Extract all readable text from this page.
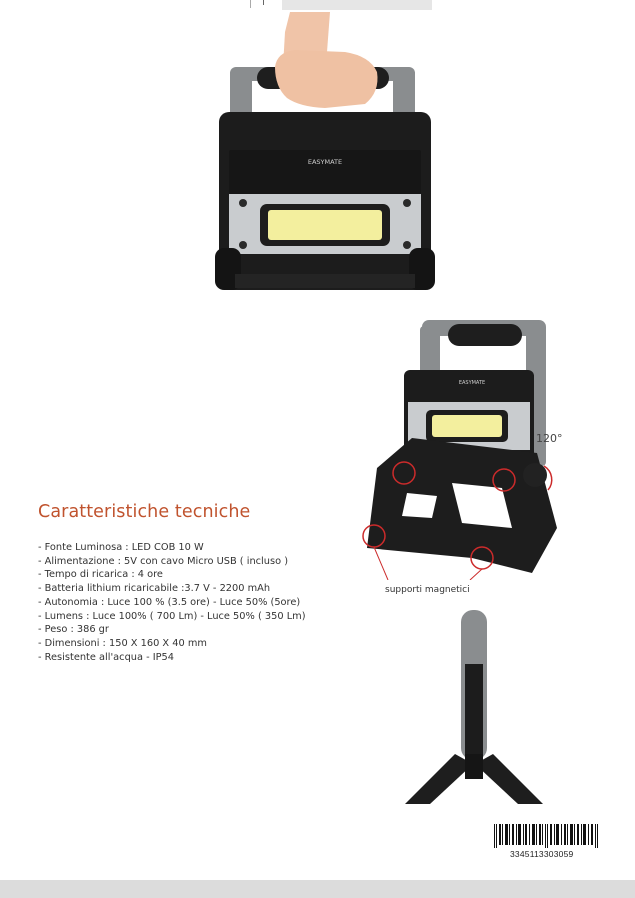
EASYMATE
EASYMATE
120°
supporti magnetici
Caratteristiche tecniche
- Fonte Luminosa : LED COB 10 W
- Alimentazione : 5V con cavo Micro USB ( incluso )
- Tempo di ricarica : 4 ore
- Batteria lithium ricaricabile :3.7 V - 2200 mAh
- Autonomia : Luce 100 % (3.5 ore) - Luce 50% (5ore)
- Lumens : Luce 100% ( 700 Lm) - Luce 50% ( 350 Lm)
- Peso : 386 gr
- Dimensioni : 150 X 160 X 40 mm
- Resistente all'acqua - IP54
3345113303059
